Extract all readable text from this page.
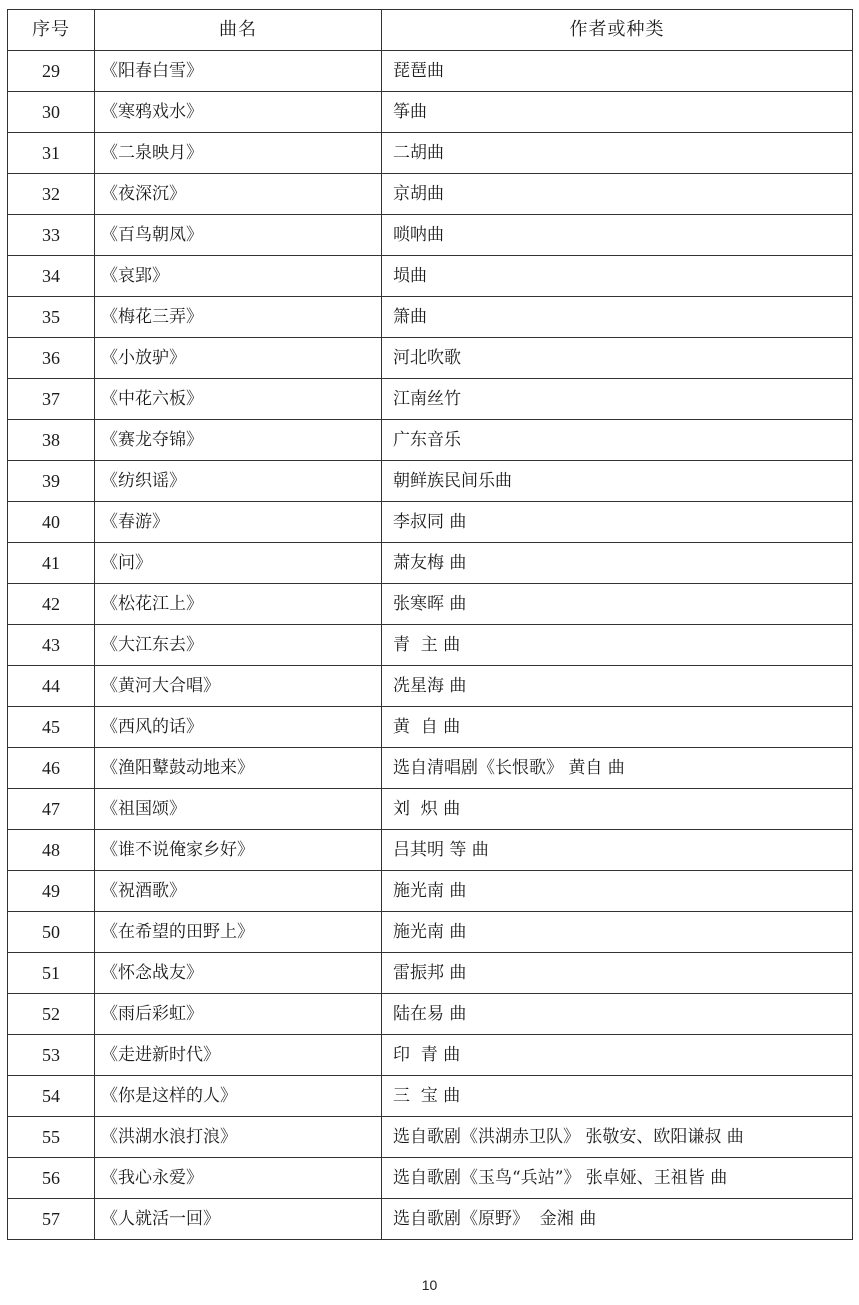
序号	曲名	作者或种类
29	《阳春白雪》	琵琶曲
30	《寒鸦戏水》	筝曲
31	《二泉映月》	二胡曲
32	《夜深沉》	京胡曲
33	《百鸟朝凤》	唢呐曲
34	《哀郢》	埙曲
35	《梅花三弄》	箫曲
36	《小放驴》	河北吹歌
37	《中花六板》	江南丝竹
38	《赛龙夺锦》	广东音乐
39	《纺织谣》	朝鲜族民间乐曲
40	《春游》	李叔同 曲
41	《问》	萧友梅 曲
42	《松花江上》	张寒晖 曲
43	《大江东去》	青  主 曲
44	《黄河大合唱》	冼星海 曲
45	《西风的话》	黄  自 曲
46	《渔阳鼙鼓动地来》	选自清唱剧《长恨歌》 黄自 曲
47	《祖国颂》	刘  炽 曲
48	《谁不说俺家乡好》	吕其明 等 曲
49	《祝酒歌》	施光南 曲
50	《在希望的田野上》	施光南 曲
51	《怀念战友》	雷振邦 曲
52	《雨后彩虹》	陆在易 曲
53	《走进新时代》	印  青 曲
54	《你是这样的人》	三  宝 曲
55	《洪湖水浪打浪》	选自歌剧《洪湖赤卫队》 张敬安、欧阳谦叔 曲
56	《我心永爱》	选自歌剧《玉鸟“兵站”》 张卓娅、王祖皆 曲
57	《人就活一回》	选自歌剧《原野》  金湘 曲
10
